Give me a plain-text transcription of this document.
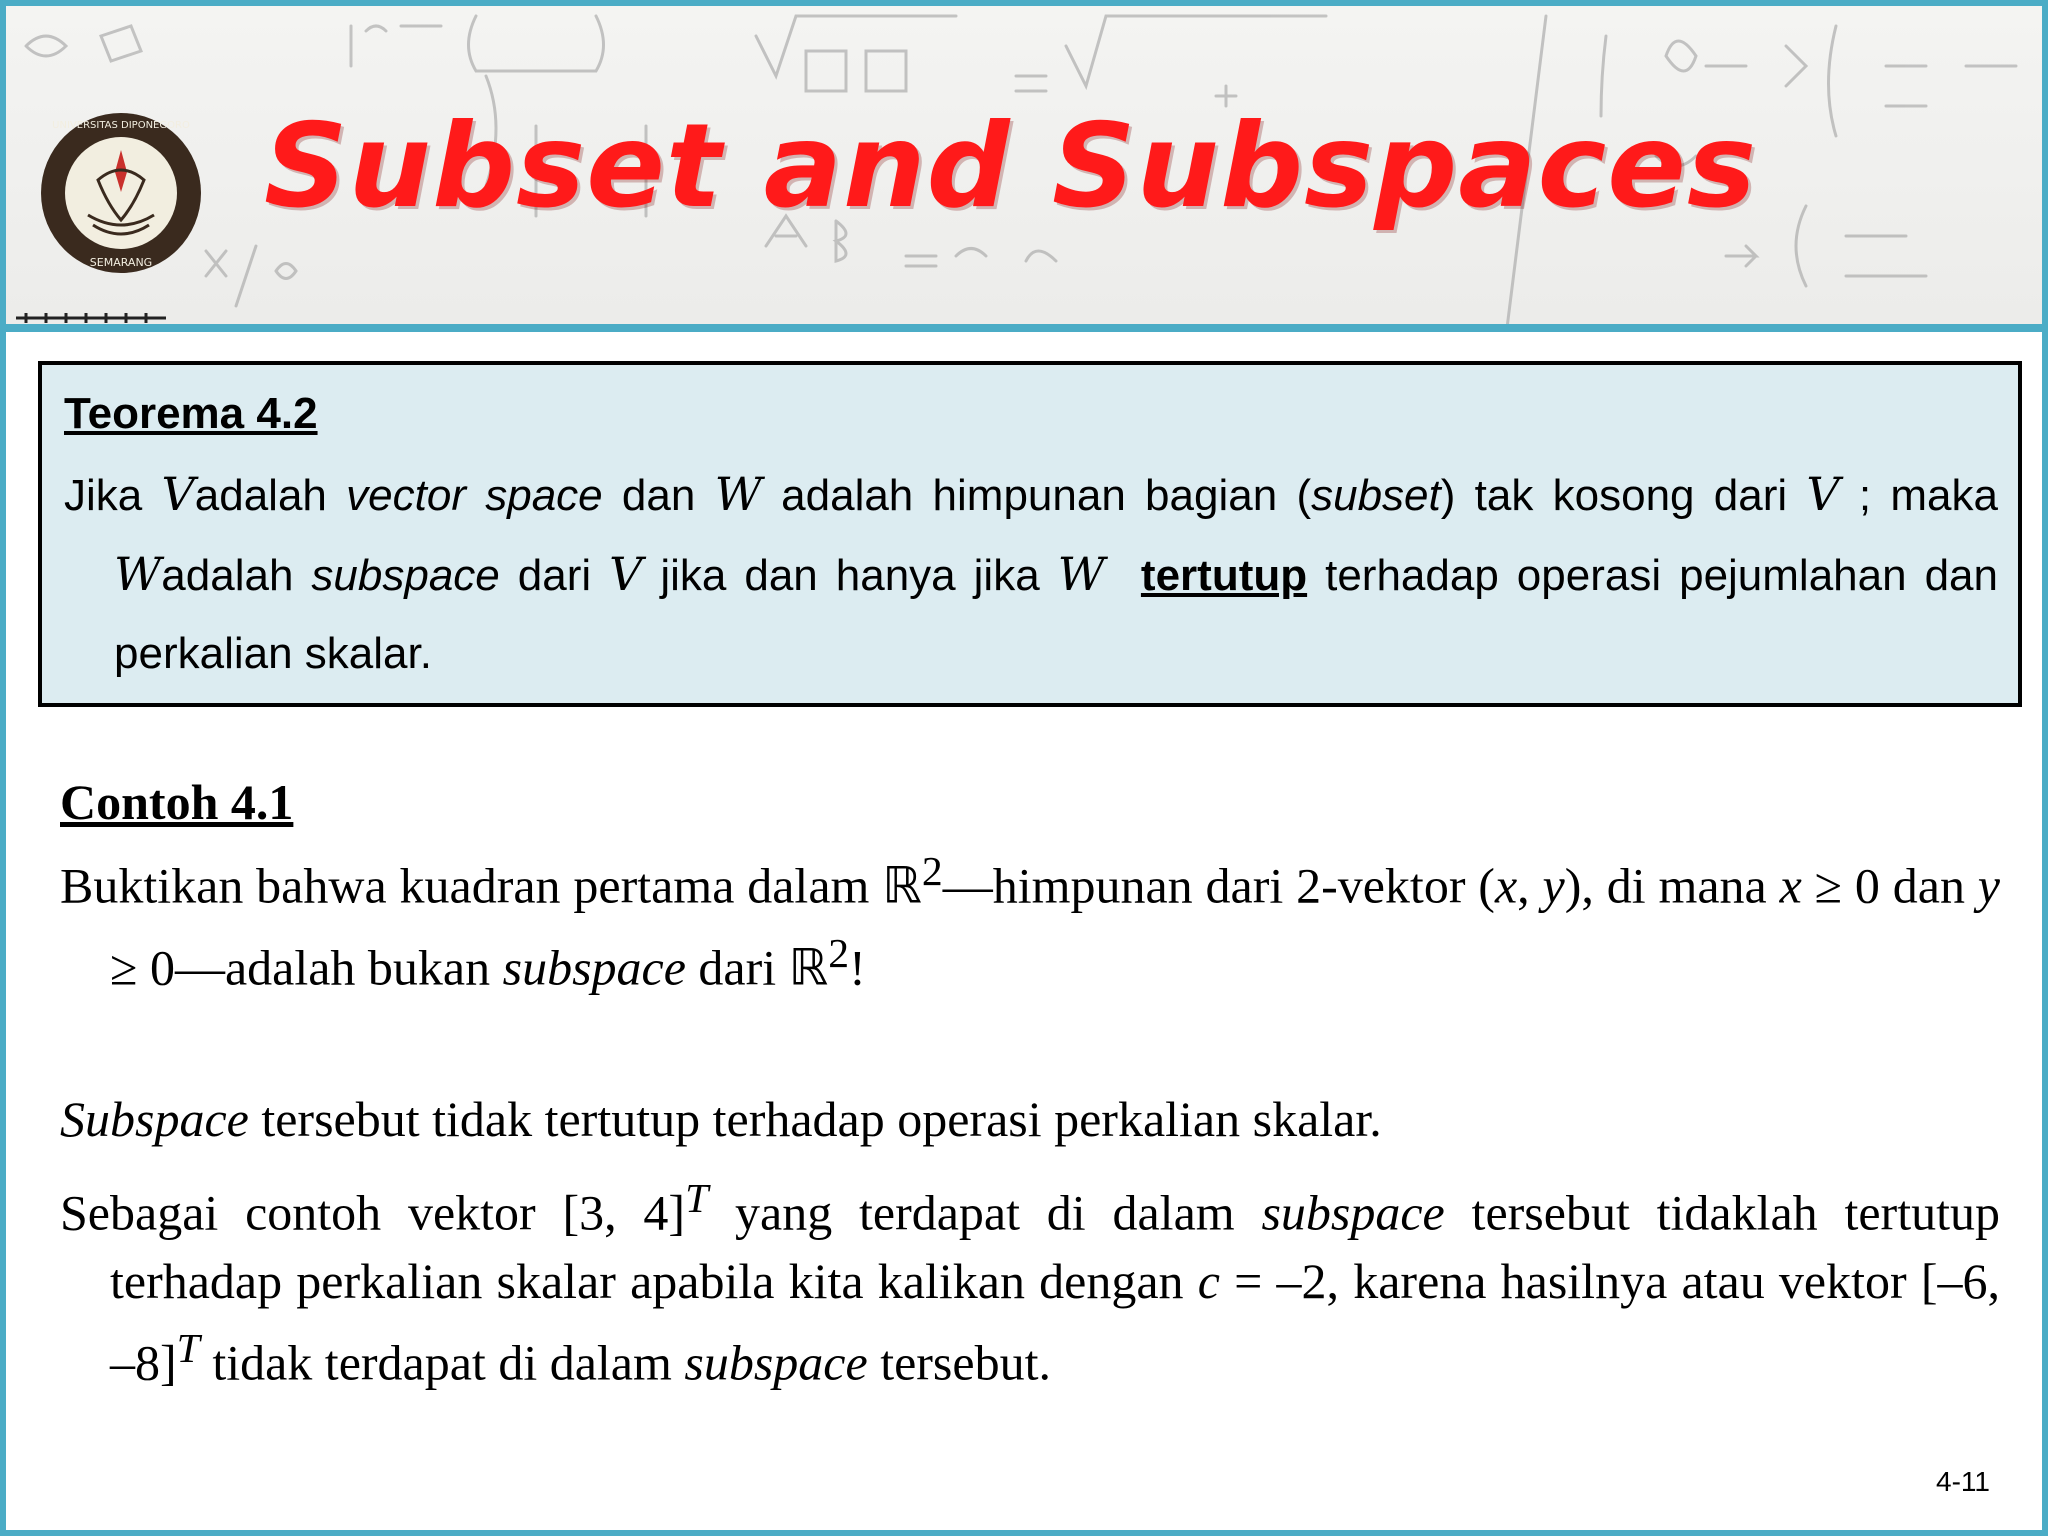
UNIVERSITAS DIPONEGORO
SEMARANG
Subset and Subspaces

Teorema 4.2

Jika Vadalah vector space dan W adalah himpunan bagian (subset) tak kosong dari V ; maka Wadalah subspace dari V jika dan hanya jika W tertutup terhadap operasi pejumlahan dan perkalian skalar.

Contoh 4.1

Buktikan bahwa kuadran pertama dalam ℝ$^2$—himpunan dari 2-vektor (x, y), di mana x ≥ 0 dan y ≥ 0—adalah bukan subspace dari ℝ$^2$!

Subspace tersebut tidak tertutup terhadap operasi perkalian skalar.

Sebagai contoh vektor [3, 4]$^T$ yang terdapat di dalam subspace tersebut tidaklah tertutup terhadap perkalian skalar apabila kita kalikan dengan c = –2, karena hasilnya atau vektor [–6, –8]$^T$ tidak terdapat di dalam subspace tersebut.

4-11
